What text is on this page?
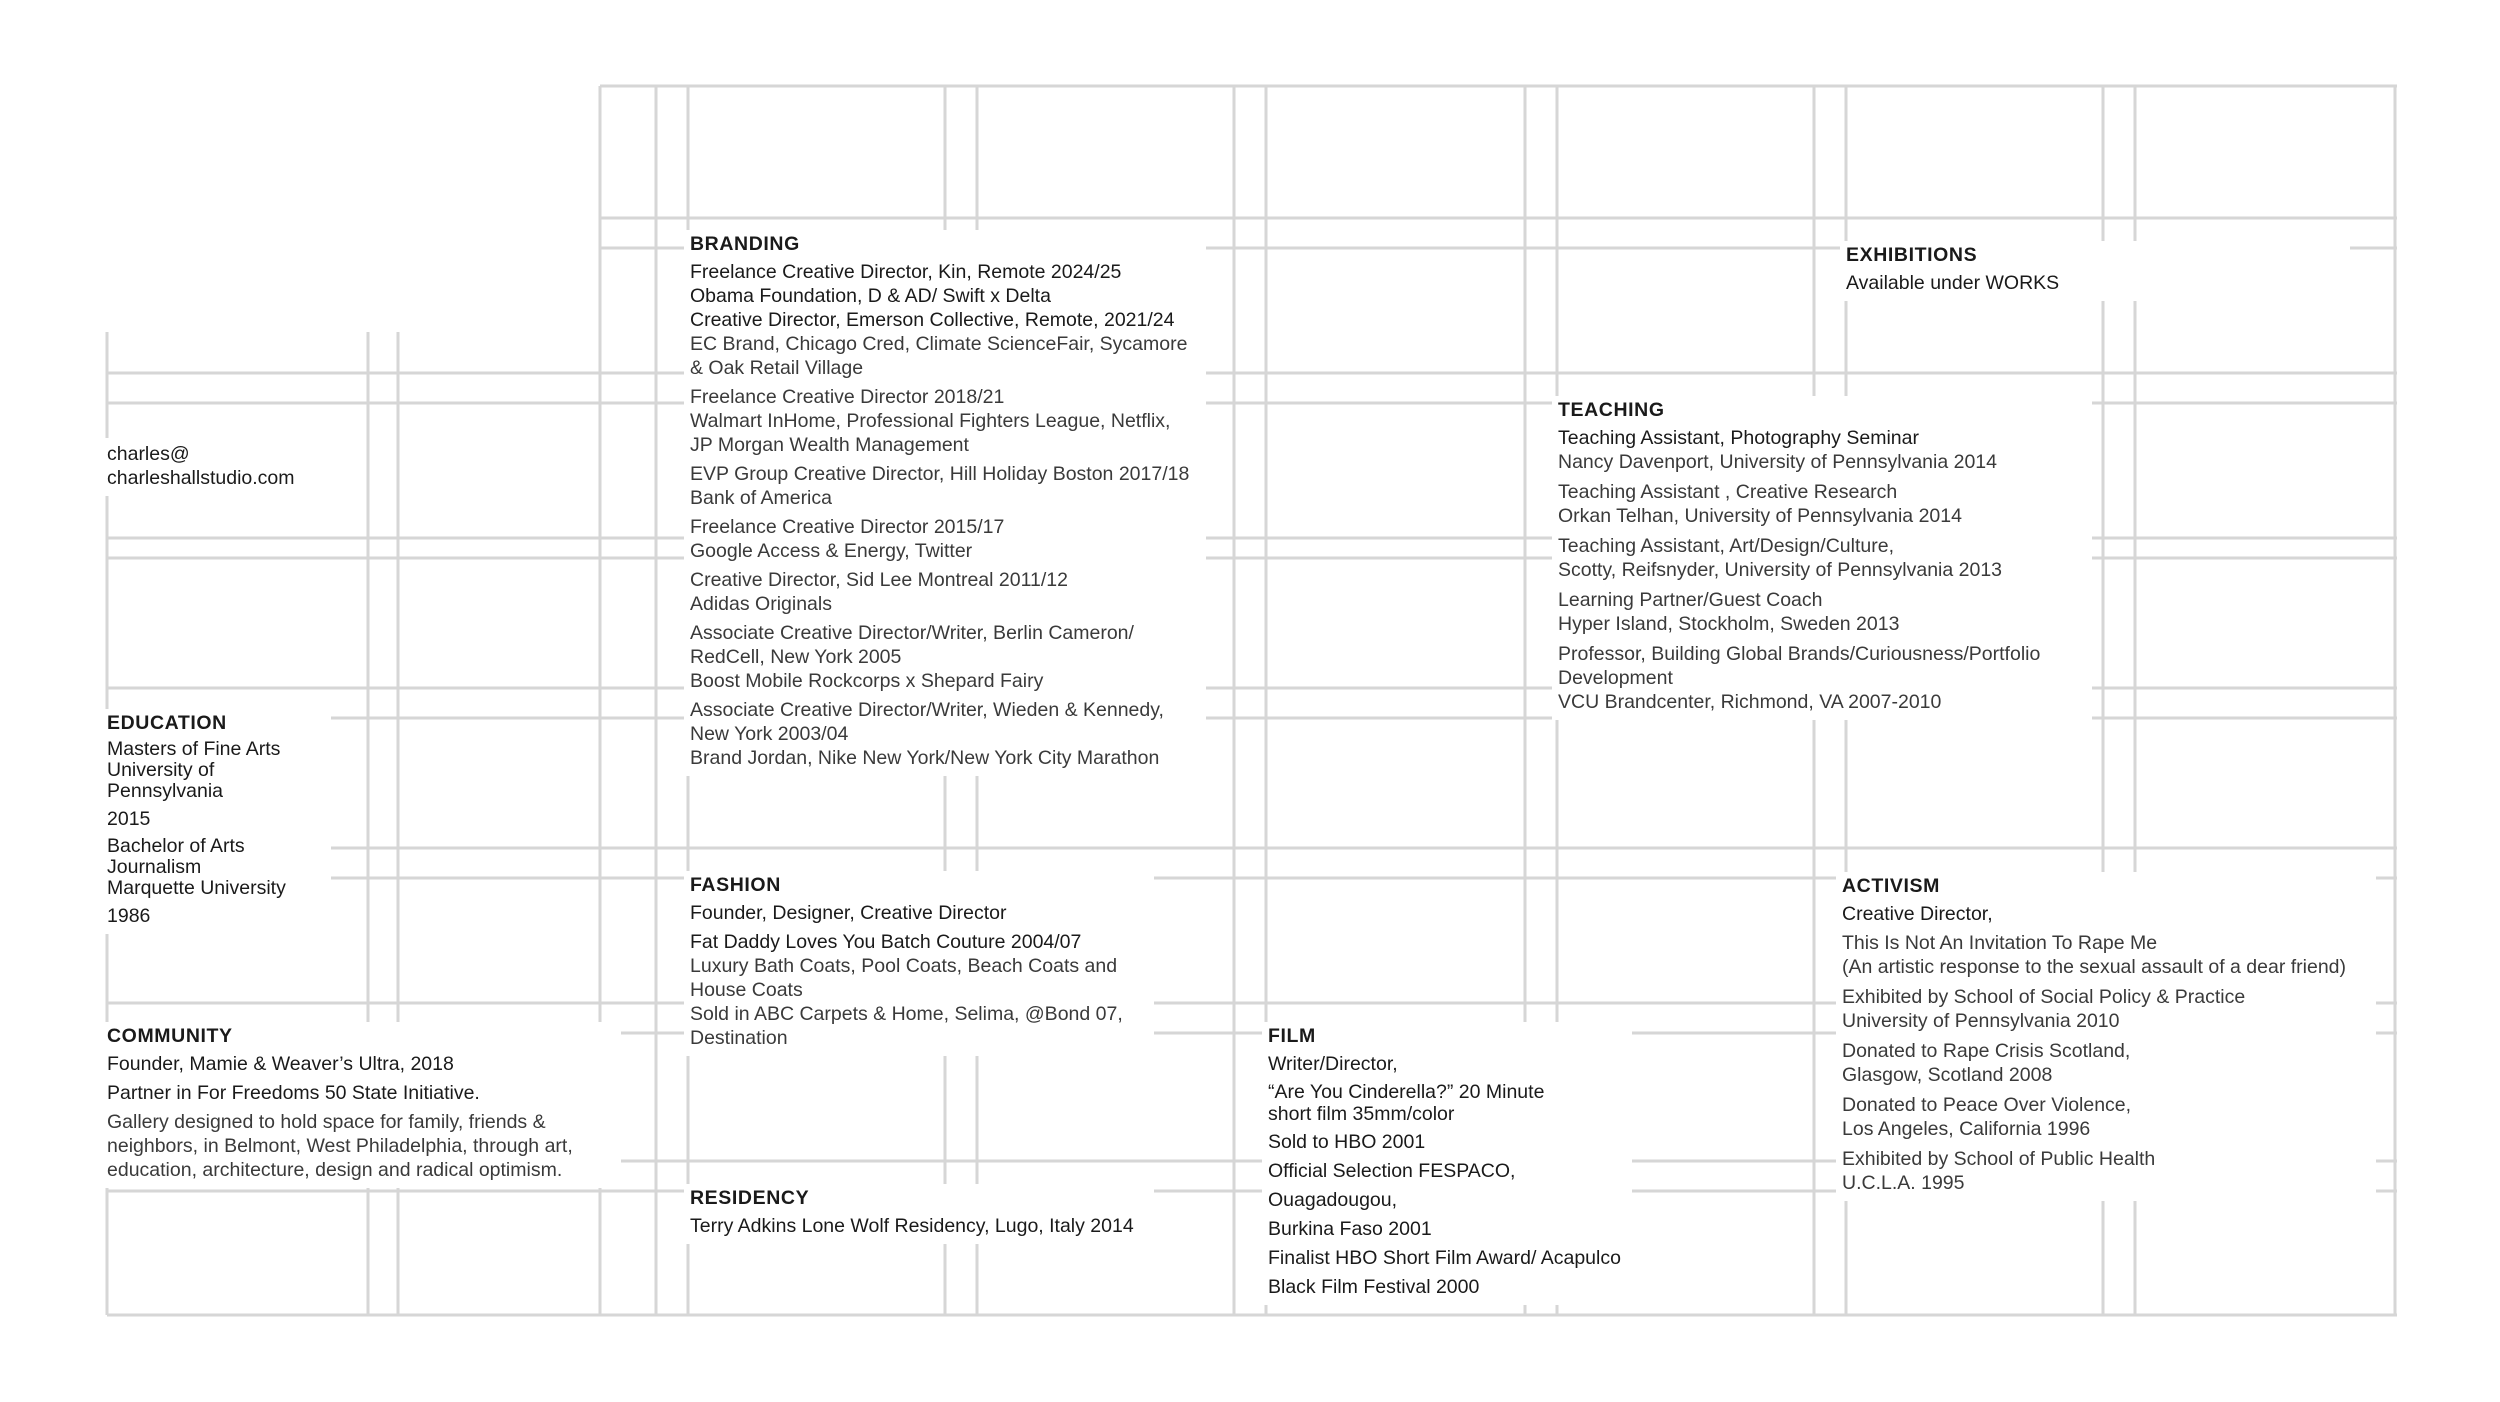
charles@
charleshallstudio.com
EDUCATION
Masters of Fine Arts
University of
Pennsylvania
2015
Bachelor of Arts
Journalism
Marquette University
1986
COMMUNITY
Founder, Mamie & Weaver’s Ultra, 2018
Partner in For Freedoms 50 State Initiative.
Gallery designed to hold space for family, friends &
neighbors, in Belmont, West Philadelphia, through art,
education, architecture, design and radical optimism.
BRANDING
Freelance Creative Director, Kin, Remote 2024/25
Obama Foundation, D & AD/ Swift x Delta
Creative Director, Emerson Collective, Remote, 2021/24
EC Brand, Chicago Cred, Climate ScienceFair, Sycamore
& Oak Retail Village
Freelance Creative Director 2018/21
Walmart InHome, Professional Fighters League, Netflix,
JP Morgan Wealth Management
EVP Group Creative Director, Hill Holiday Boston 2017/18
Bank of America
Freelance Creative Director 2015/17
Google Access & Energy, Twitter
Creative Director, Sid Lee Montreal 2011/12
Adidas Originals
Associate Creative Director/Writer, Berlin Cameron/
RedCell, New York 2005
Boost Mobile Rockcorps x Shepard Fairy
Associate Creative Director/Writer, Wieden & Kennedy,
New York 2003/04
Brand Jordan, Nike New York/New York City Marathon
FASHION
Founder, Designer, Creative Director
Fat Daddy Loves You Batch Couture 2004/07
Luxury Bath Coats, Pool Coats, Beach Coats and
House Coats
Sold in ABC Carpets & Home, Selima, @Bond 07,
Destination
RESIDENCY
Terry Adkins Lone Wolf Residency, Lugo, Italy 2014
FILM
Writer/Director,
“Are You Cinderella?” 20 Minute
short film 35mm/color
Sold to HBO 2001
Official Selection FESPACO,
Ouagadougou,
Burkina Faso 2001
Finalist HBO Short Film Award/ Acapulco
Black Film Festival 2000
EXHIBITIONS
Available under WORKS
TEACHING
Teaching Assistant, Photography Seminar
Nancy Davenport, University of Pennsylvania 2014
Teaching Assistant , Creative Research
Orkan Telhan, University of Pennsylvania 2014
Teaching Assistant, Art/Design/Culture,
Scotty, Reifsnyder, University of Pennsylvania 2013
Learning Partner/Guest Coach
Hyper Island, Stockholm, Sweden 2013
Professor, Building Global Brands/Curiousness/Portfolio
Development
VCU Brandcenter, Richmond, VA 2007-2010
ACTIVISM
Creative Director,
This Is Not An Invitation To Rape Me
(An artistic response to the sexual assault of a dear friend)
Exhibited by School of Social Policy & Practice
University of Pennsylvania 2010
Donated to Rape Crisis Scotland,
Glasgow, Scotland 2008
Donated to Peace Over Violence,
Los Angeles, California 1996
Exhibited by School of Public Health
U.C.L.A. 1995
